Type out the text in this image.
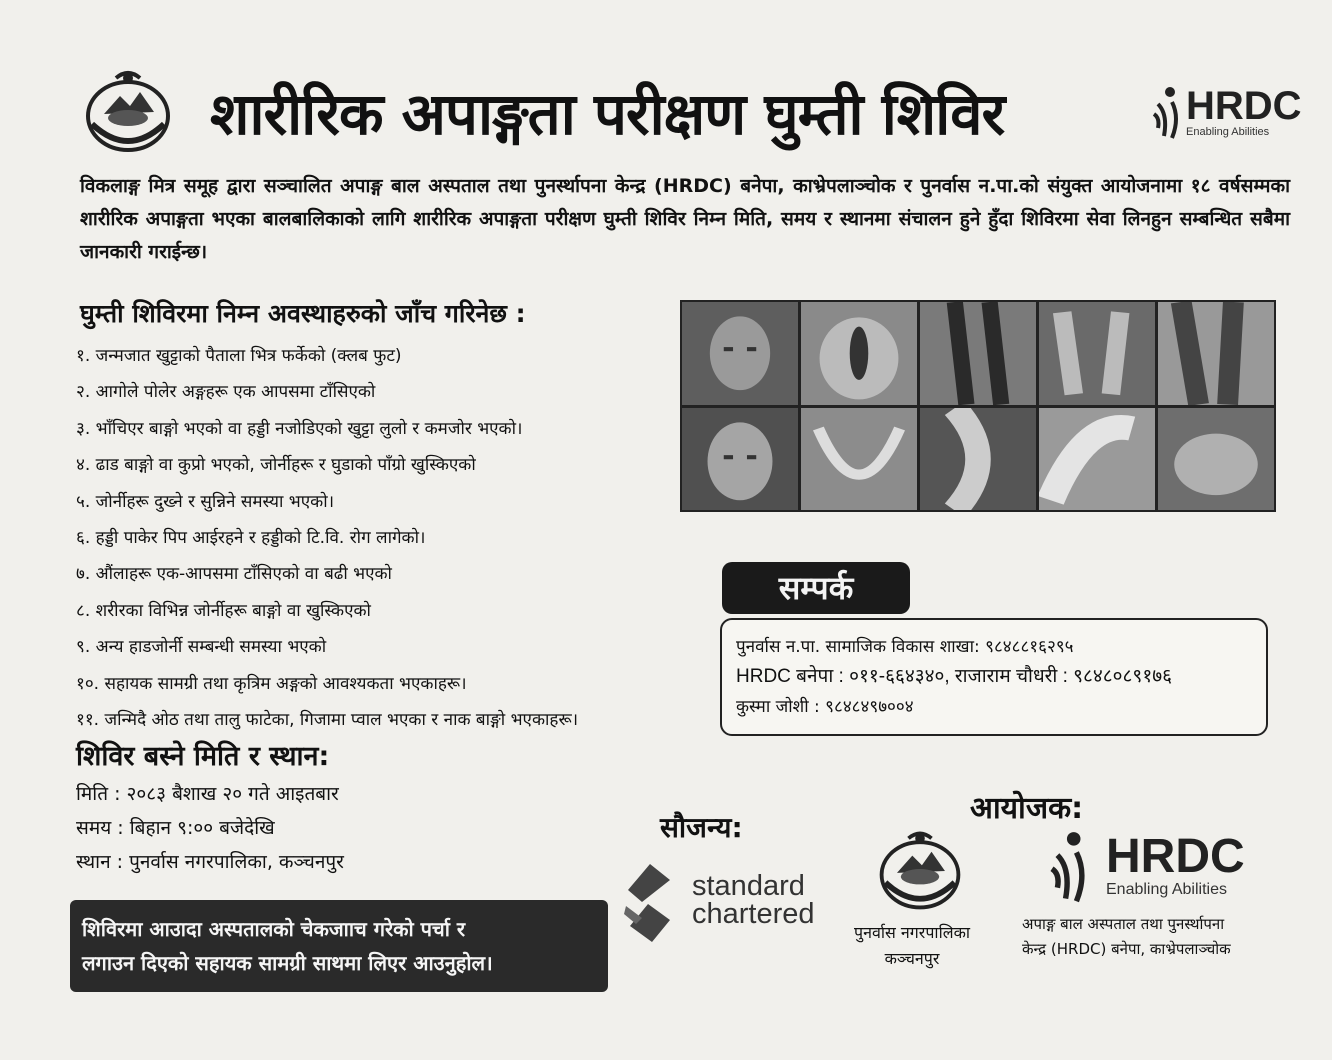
शारीरिक अपाङ्गता परीक्षण घुम्ती शिविर	HRDC
Enabling Abilities
विकलाङ्ग मित्र समूह द्वारा सञ्चालित अपाङ्ग बाल अस्पताल तथा पुनर्स्थापना केन्द्र (HRDC) बनेपा, काभ्रेपलाञ्चोक र पुनर्वास न.पा.को संयुक्त आयोजनामा १८ वर्षसम्मका शारीरिक अपाङ्गता भएका बालबालिकाको लागि शारीरिक अपाङ्गता परीक्षण घुम्ती शिविर निम्न मिति, समय र स्थानमा संचालन हुने हुँदा शिविरमा सेवा लिनहुन सम्बन्धित सबैमा जानकारी गराईन्छ।
घुम्ती शिविरमा निम्न अवस्थाहरुको जाँच गरिनेछ :
१. जन्मजात खुट्टाको पैताला भित्र फर्केको (क्लब फुट)
२. आगोले पोलेर अङ्गहरू एक आपसमा टाँसिएको
३. भाँचिएर बाङ्गो भएको वा हड्डी नजोडिएको खुट्टा लुलो र कमजोर भएको।
४. ढाड बाङ्गो वा कुप्रो भएको, जोर्नीहरू र घुडाको पाँग्रो खुस्किएको
५. जोर्नीहरू दुख्ने र सुन्निने समस्या भएको।
६. हड्डी पाकेर पिप आईरहने र हड्डीको टि.वि. रोग लागेको।
७. औंलाहरू एक-आपसमा टाँसिएको वा बढी भएको
८. शरीरका विभिन्न जोर्नीहरू बाङ्गो वा खुस्किएको
९. अन्य हाडजोर्नी सम्बन्धी समस्या भएको
१०. सहायक सामग्री तथा कृत्रिम अङ्गको आवश्यकता भएकाहरू।
११. जन्मिदै ओठ तथा तालु फाटेका, गिजामा प्वाल भएका र नाक बाङ्गो भएकाहरू।
सम्पर्क
पुनर्वास न.पा. सामाजिक विकास शाखा: ९८४८८१६२९५
HRDC बनेपा : ०११-६६४३४०, राजाराम चौधरी : ९८४८०८९१७६
कुस्मा जोशी : ९८४८४९७००४
शिविर बस्ने मिति र स्थान:
मिति : २०८३ बैशाख २० गते आइतबार
समय : बिहान ९:०० बजेदेखि
स्थान : पुनर्वास नगरपालिका, कञ्चनपुर
शिविरमा आउादा अस्पतालको चेकजााच गरेको पर्चा र
लगाउन दिएको सहायक सामग्री साथमा लिएर आउनुहोल।
सौजन्य:
standard
chartered
आयोजक:
पुनर्वास नगरपालिका
कञ्चनपुर
HRDC
Enabling Abilities
अपाङ्ग बाल अस्पताल तथा पुनर्स्थापना
केन्द्र (HRDC) बनेपा, काभ्रेपलाञ्चोक
